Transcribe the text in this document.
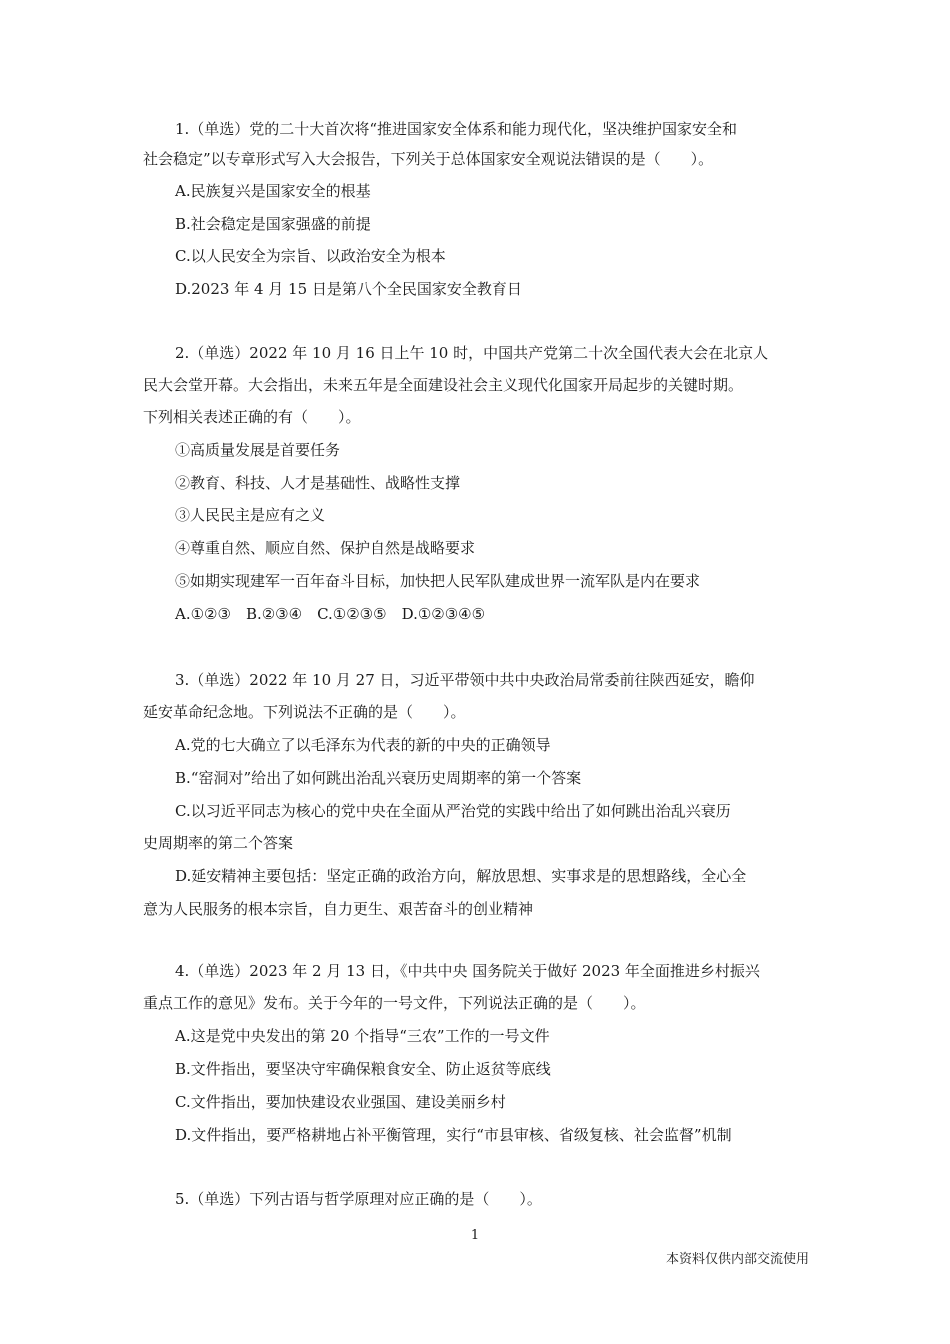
1.（单选）党的二十大首次将“推进国家安全体系和能力现代化，坚决维护国家安全和
社会稳定”以专章形式写入大会报告，下列关于总体国家安全观说法错误的是（　　）。
A.民族复兴是国家安全的根基
B.社会稳定是国家强盛的前提
C.以人民安全为宗旨、以政治安全为根本
D.2023 年 4 月 15 日是第八个全民国家安全教育日
2.（单选）2022 年 10 月 16 日上午 10 时，中国共产党第二十次全国代表大会在北京人
民大会堂开幕。大会指出，未来五年是全面建设社会主义现代化国家开局起步的关键时期。
下列相关表述正确的有（　　）。
①高质量发展是首要任务
②教育、科技、人才是基础性、战略性支撑
③人民民主是应有之义
④尊重自然、顺应自然、保护自然是战略要求
⑤如期实现建军一百年奋斗目标，加快把人民军队建成世界一流军队是内在要求
A.①②③　B.②③④　C.①②③⑤　D.①②③④⑤
3.（单选）2022 年 10 月 27 日，习近平带领中共中央政治局常委前往陕西延安，瞻仰
延安革命纪念地。下列说法不正确的是（　　）。
A.党的七大确立了以毛泽东为代表的新的中央的正确领导
B.“窑洞对”给出了如何跳出治乱兴衰历史周期率的第一个答案
C.以习近平同志为核心的党中央在全面从严治党的实践中给出了如何跳出治乱兴衰历
史周期率的第二个答案
D.延安精神主要包括：坚定正确的政治方向，解放思想、实事求是的思想路线，全心全
意为人民服务的根本宗旨，自力更生、艰苦奋斗的创业精神
4.（单选）2023 年 2 月 13 日，《中共中央 国务院关于做好 2023 年全面推进乡村振兴
重点工作的意见》发布。关于今年的一号文件，下列说法正确的是（　　）。
A.这是党中央发出的第 20 个指导“三农”工作的一号文件
B.文件指出，要坚决守牢确保粮食安全、防止返贫等底线
C.文件指出，要加快建设农业强国、建设美丽乡村
D.文件指出，要严格耕地占补平衡管理，实行“市县审核、省级复核、社会监督”机制
5.（单选）下列古语与哲学原理对应正确的是（　　）。
1
本资料仅供内部交流使用
